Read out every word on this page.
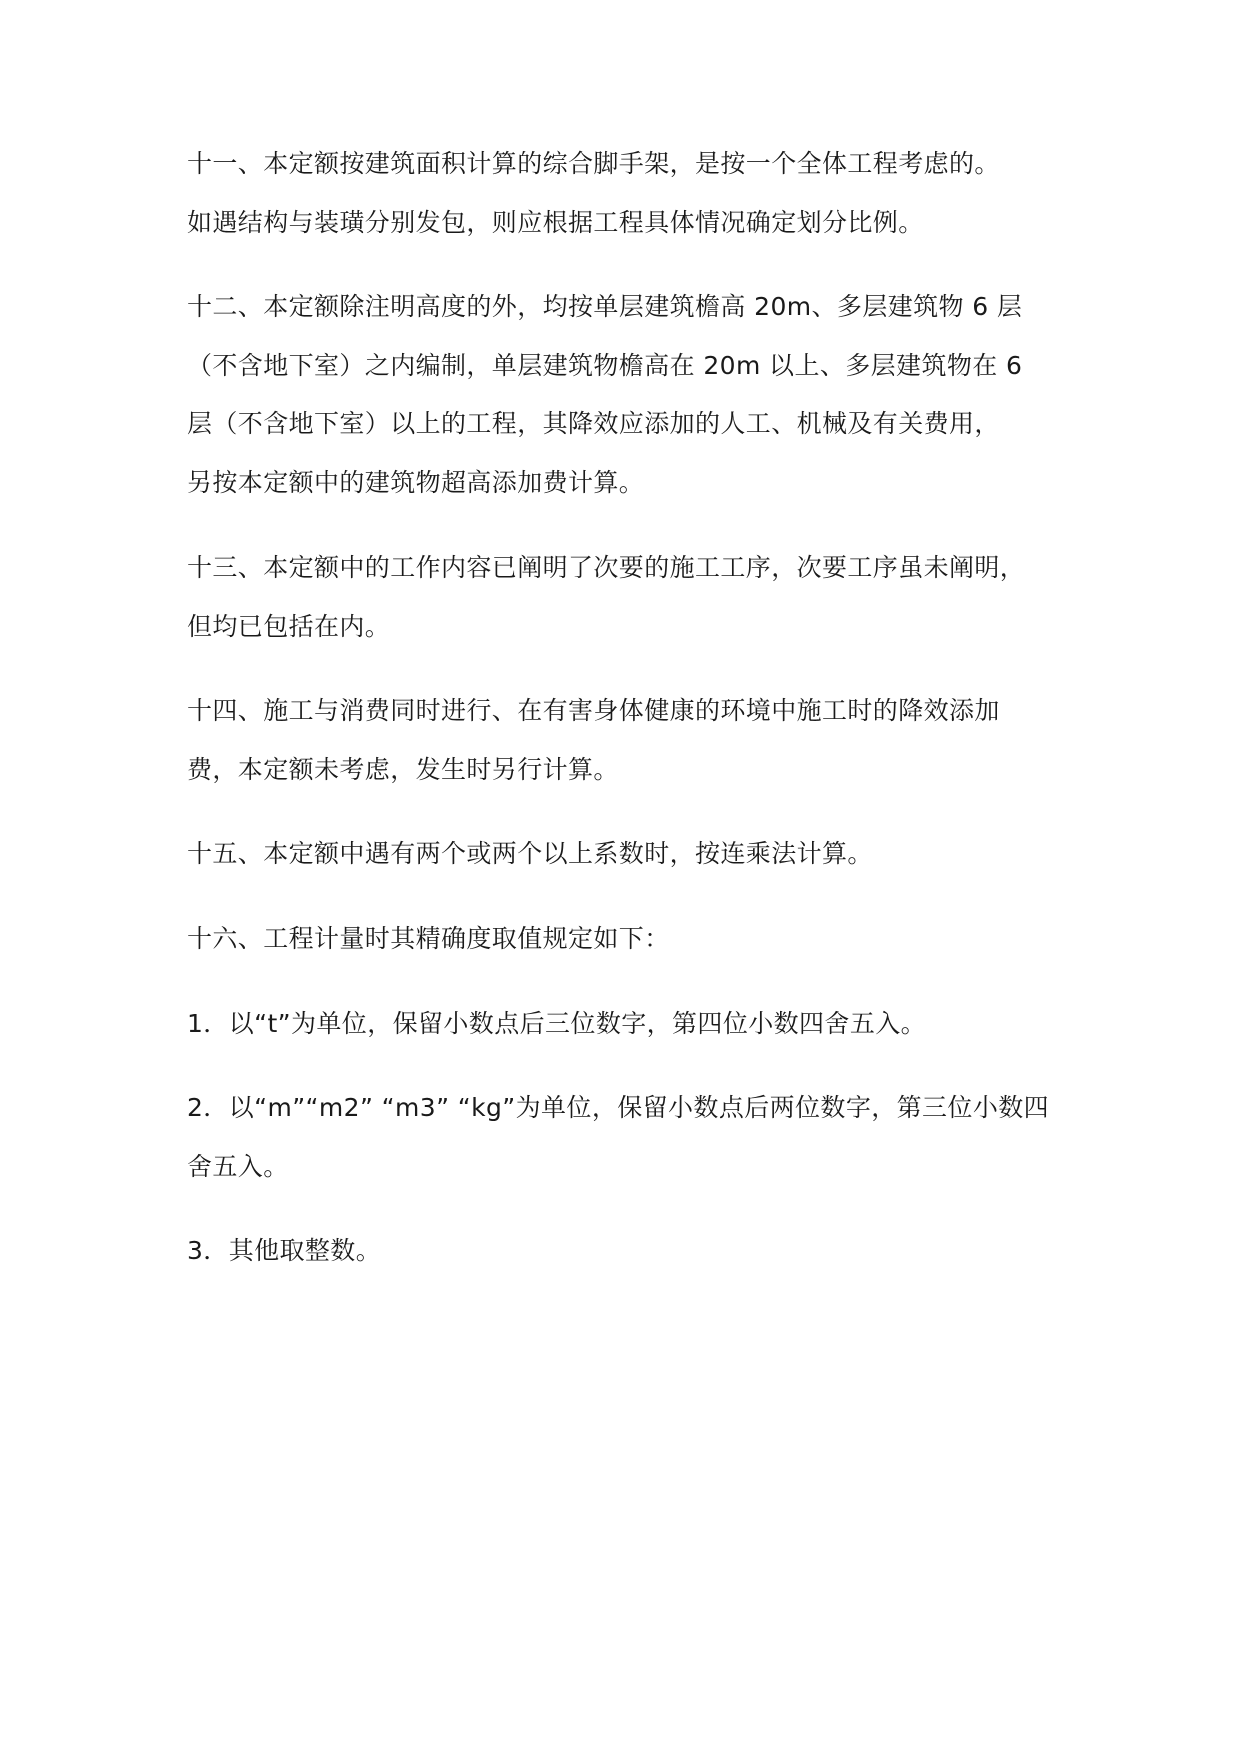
十一、本定额按建筑面积计算的综合脚手架，是按一个全体工程考虑的。
如遇结构与装璜分别发包，则应根据工程具体情况确定划分比例。
十二、本定额除注明高度的外，均按单层建筑檐高 20m、多层建筑物 6 层
（不含地下室）之内编制，单层建筑物檐高在 20m 以上、多层建筑物在 6
层（不含地下室）以上的工程，其降效应添加的人工、机械及有关费用，
另按本定额中的建筑物超高添加费计算。
十三、本定额中的工作内容已阐明了次要的施工工序，次要工序虽未阐明，
但均已包括在内。
十四、施工与消费同时进行、在有害身体健康的环境中施工时的降效添加
费，本定额未考虑，发生时另行计算。
十五、本定额中遇有两个或两个以上系数时，按连乘法计算。
十六、工程计量时其精确度取值规定如下：
1．以“t”为单位，保留小数点后三位数字，第四位小数四舍五入。
2．以“m”“m2” “m3” “kg”为单位，保留小数点后两位数字，第三位小数四
舍五入。
3．其他取整数。
